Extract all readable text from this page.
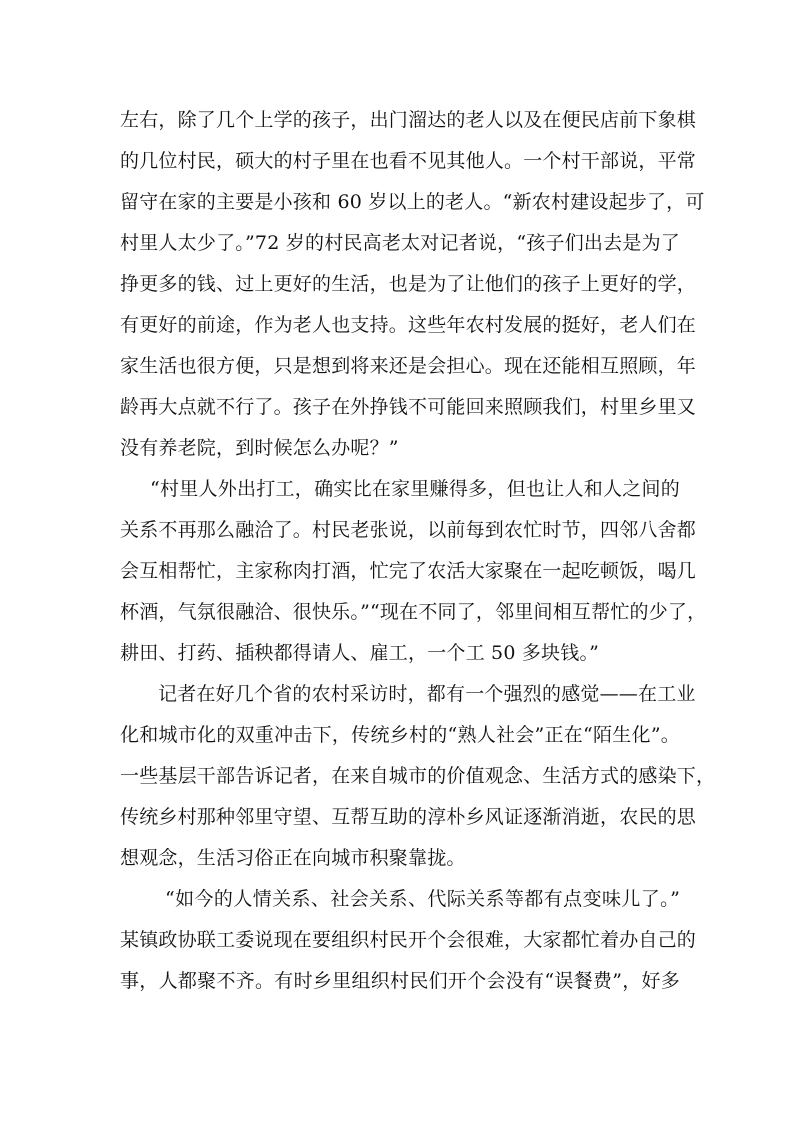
左右，除了几个上学的孩子，出门溜达的老人以及在便民店前下象棋
的几位村民，硕大的村子里在也看不见其他人。一个村干部说，平常
留守在家的主要是小孩和 60 岁以上的老人。“新农村建设起步了，可
村里人太少了。”72 岁的村民高老太对记者说，“孩子们出去是为了
挣更多的钱、过上更好的生活，也是为了让他们的孩子上更好的学，
有更好的前途，作为老人也支持。这些年农村发展的挺好，老人们在
家生活也很方便，只是想到将来还是会担心。现在还能相互照顾，年
龄再大点就不行了。孩子在外挣钱不可能回来照顾我们，村里乡里又
没有养老院，到时候怎么办呢？”
“村里人外出打工，确实比在家里赚得多，但也让人和人之间的
关系不再那么融洽了。村民老张说，以前每到农忙时节，四邻八舍都
会互相帮忙，主家称肉打酒，忙完了农活大家聚在一起吃顿饭，喝几
杯酒，气氛很融洽、很快乐。”“现在不同了，邻里间相互帮忙的少了，
耕田、打药、插秧都得请人、雇工，一个工 50 多块钱。”
记者在好几个省的农村采访时，都有一个强烈的感觉——在工业
化和城市化的双重冲击下，传统乡村的“熟人社会”正在“陌生化”。
一些基层干部告诉记者，在来自城市的价值观念、生活方式的感染下，
传统乡村那种邻里守望、互帮互助的淳朴乡风证逐渐消逝，农民的思
想观念，生活习俗正在向城市积聚靠拢。
“如今的人情关系、社会关系、代际关系等都有点变味儿了。”
某镇政协联工委说现在要组织村民开个会很难，大家都忙着办自己的
事，人都聚不齐。有时乡里组织村民们开个会没有“误餐费”，好多
